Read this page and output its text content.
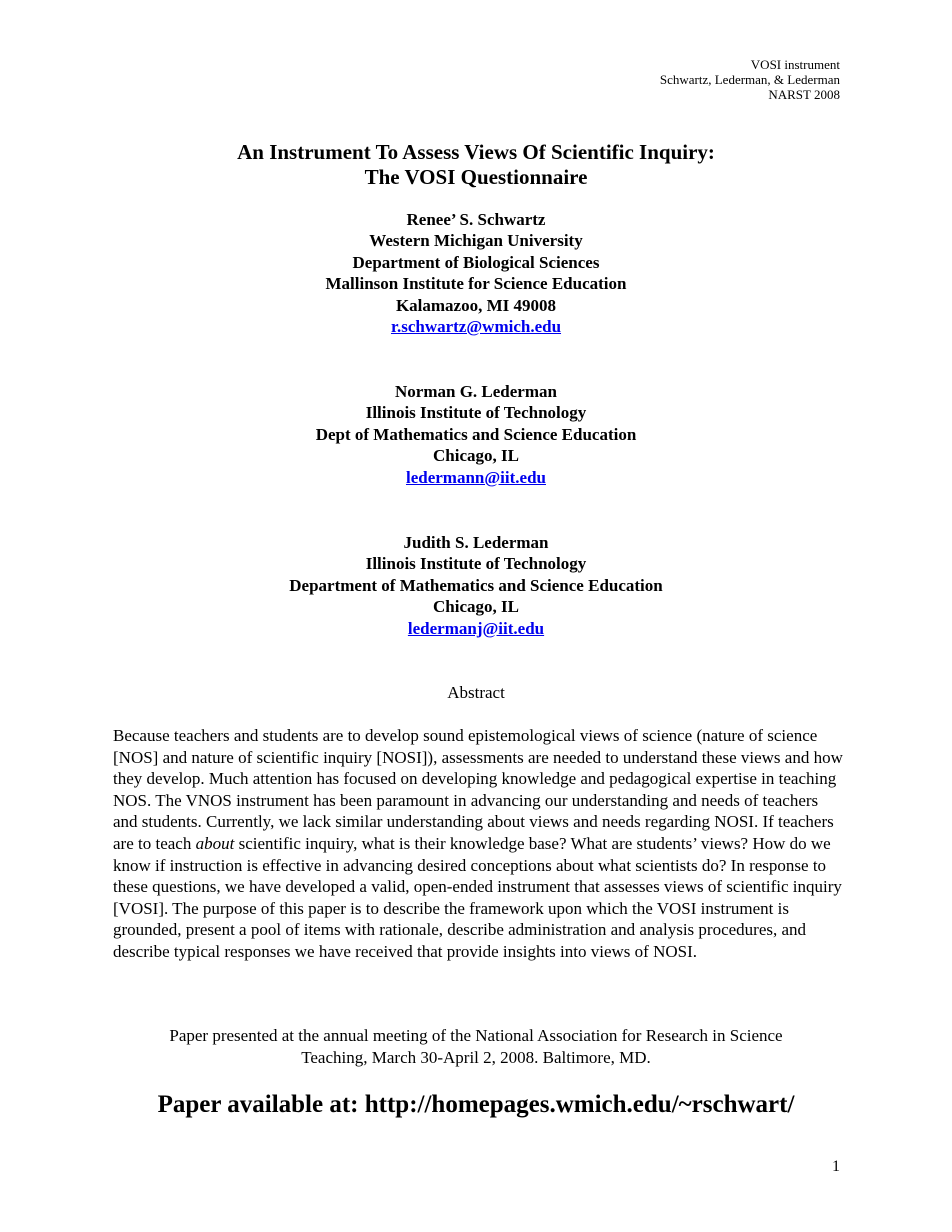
VOSI instrument
Schwartz, Lederman, & Lederman
NARST 2008
An Instrument To Assess Views Of Scientific Inquiry:
The VOSI Questionnaire
Renee’ S. Schwartz
Western Michigan University
Department of Biological Sciences
Mallinson Institute for Science Education
Kalamazoo, MI 49008
r.schwartz@wmich.edu
Norman G. Lederman
Illinois Institute of Technology
Dept of Mathematics and Science Education
Chicago, IL
ledermann@iit.edu
Judith S. Lederman
Illinois Institute of Technology
Department of Mathematics and Science Education
Chicago, IL
ledermanj@iit.edu
Abstract
Because teachers and students are to develop sound epistemological views of science (nature of science [NOS] and nature of scientific inquiry [NOSI]), assessments are needed to understand these views and how they develop. Much attention has focused on developing knowledge and pedagogical expertise in teaching NOS. The VNOS instrument has been paramount in advancing our understanding and needs of teachers and students. Currently, we lack similar understanding about views and needs regarding NOSI. If teachers are to teach about scientific inquiry, what is their knowledge base? What are students’ views? How do we know if instruction is effective in advancing desired conceptions about what scientists do? In response to these questions, we have developed a valid, open-ended instrument that assesses views of scientific inquiry [VOSI]. The purpose of this paper is to describe the framework upon which the VOSI instrument is grounded, present a pool of items with rationale, describe administration and analysis procedures, and describe typical responses we have received that provide insights into views of NOSI.
Paper presented at the annual meeting of the National Association for Research in Science
Teaching, March 30-April 2, 2008. Baltimore, MD.
Paper available at: http://homepages.wmich.edu/~rschwart/
1
